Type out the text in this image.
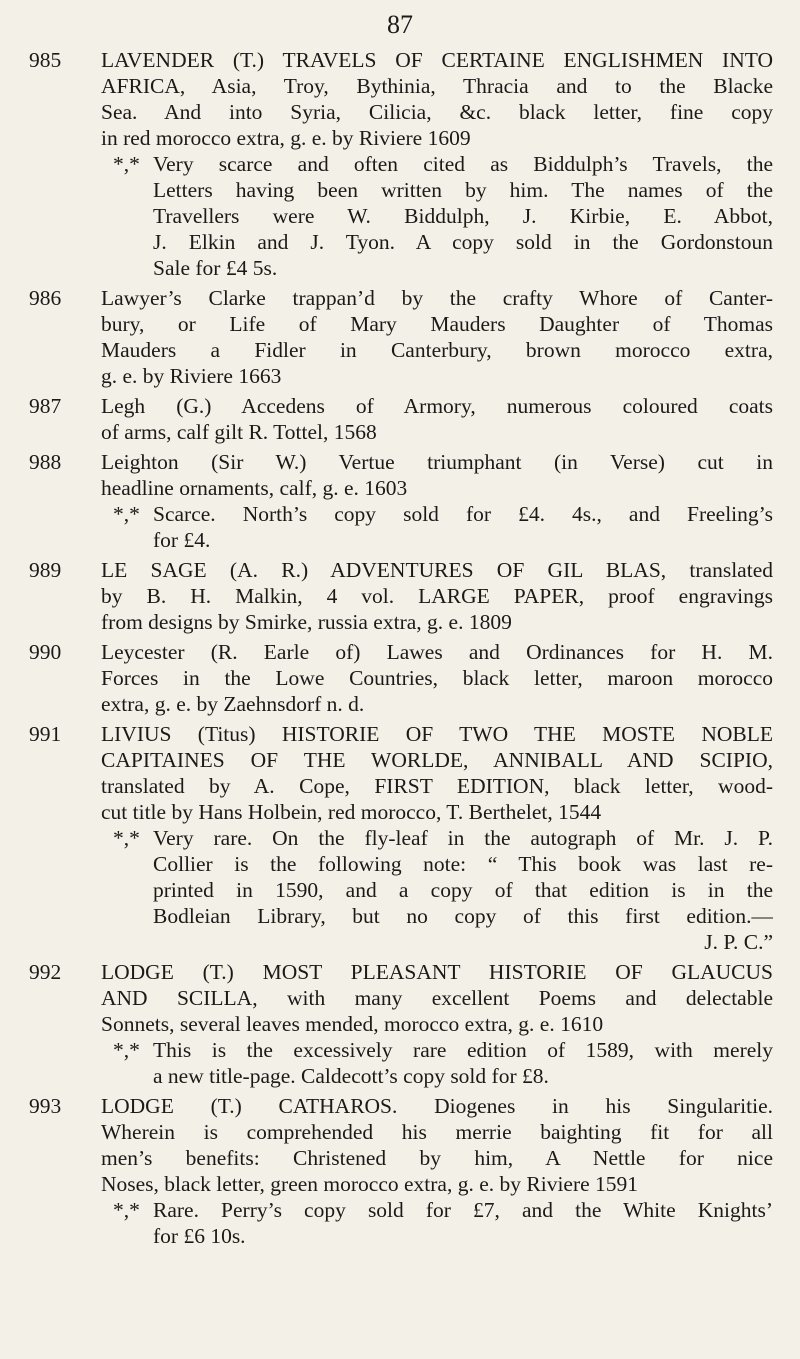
87
985	LAVENDER (T.) TRAVELS OF CERTAINE ENGLISHMEN INTO
AFRICA, Asia, Troy, Bythinia, Thracia and to the Blacke
Sea. And into Syria, Cilicia, &c. black letter, fine copy
in red morocco extra, g. e. by Riviere 1609
*,* Very scarce and often cited as Biddulph’s Travels, the
Letters having been written by him. The names of the
Travellers were W. Biddulph, J. Kirbie, E. Abbot,
J. Elkin and J. Tyon. A copy sold in the Gordonstoun
Sale for £4 5s.
986	Lawyer’s Clarke trappan’d by the crafty Whore of Canter-
bury, or Life of Mary Mauders Daughter of Thomas
Mauders a Fidler in Canterbury, brown morocco extra,
g. e. by Riviere 1663
987	Legh (G.) Accedens of Armory, numerous coloured coats
of arms, calf gilt R. Tottel, 1568
988	Leighton (Sir W.) Vertue triumphant (in Verse) cut in
headline ornaments, calf, g. e. 1603
*,* Scarce. North’s copy sold for £4. 4s., and Freeling’s
for £4.
989	LE SAGE (A. R.) ADVENTURES OF GIL BLAS, translated
by B. H. Malkin, 4 vol. LARGE PAPER, proof engravings
from designs by Smirke, russia extra, g. e. 1809
990	Leycester (R. Earle of) Lawes and Ordinances for H. M.
Forces in the Lowe Countries, black letter, maroon morocco
extra, g. e. by Zaehnsdorf n. d.
991	LIVIUS (Titus) HISTORIE OF TWO THE MOSTE NOBLE
CAPITAINES OF THE WORLDE, ANNIBALL AND SCIPIO,
translated by A. Cope, FIRST EDITION, black letter, wood-
cut title by Hans Holbein, red morocco, T. Berthelet, 1544
*,* Very rare. On the fly-leaf in the autograph of Mr. J. P.
Collier is the following note: “ This book was last re-
printed in 1590, and a copy of that edition is in the
Bodleian Library, but no copy of this first edition.—
J. P. C.”
992	LODGE (T.) MOST PLEASANT HISTORIE OF GLAUCUS
AND SCILLA, with many excellent Poems and delectable
Sonnets, several leaves mended, morocco extra, g. e. 1610
*,* This is the excessively rare edition of 1589, with merely
a new title-page. Caldecott’s copy sold for £8.
993	LODGE (T.) CATHAROS. Diogenes in his Singularitie.
Wherein is comprehended his merrie baighting fit for all
men’s benefits: Christened by him, A Nettle for nice
Noses, black letter, green morocco extra, g. e. by Riviere 1591
*,* Rare. Perry’s copy sold for £7, and the White Knights’
for £6 10s.
